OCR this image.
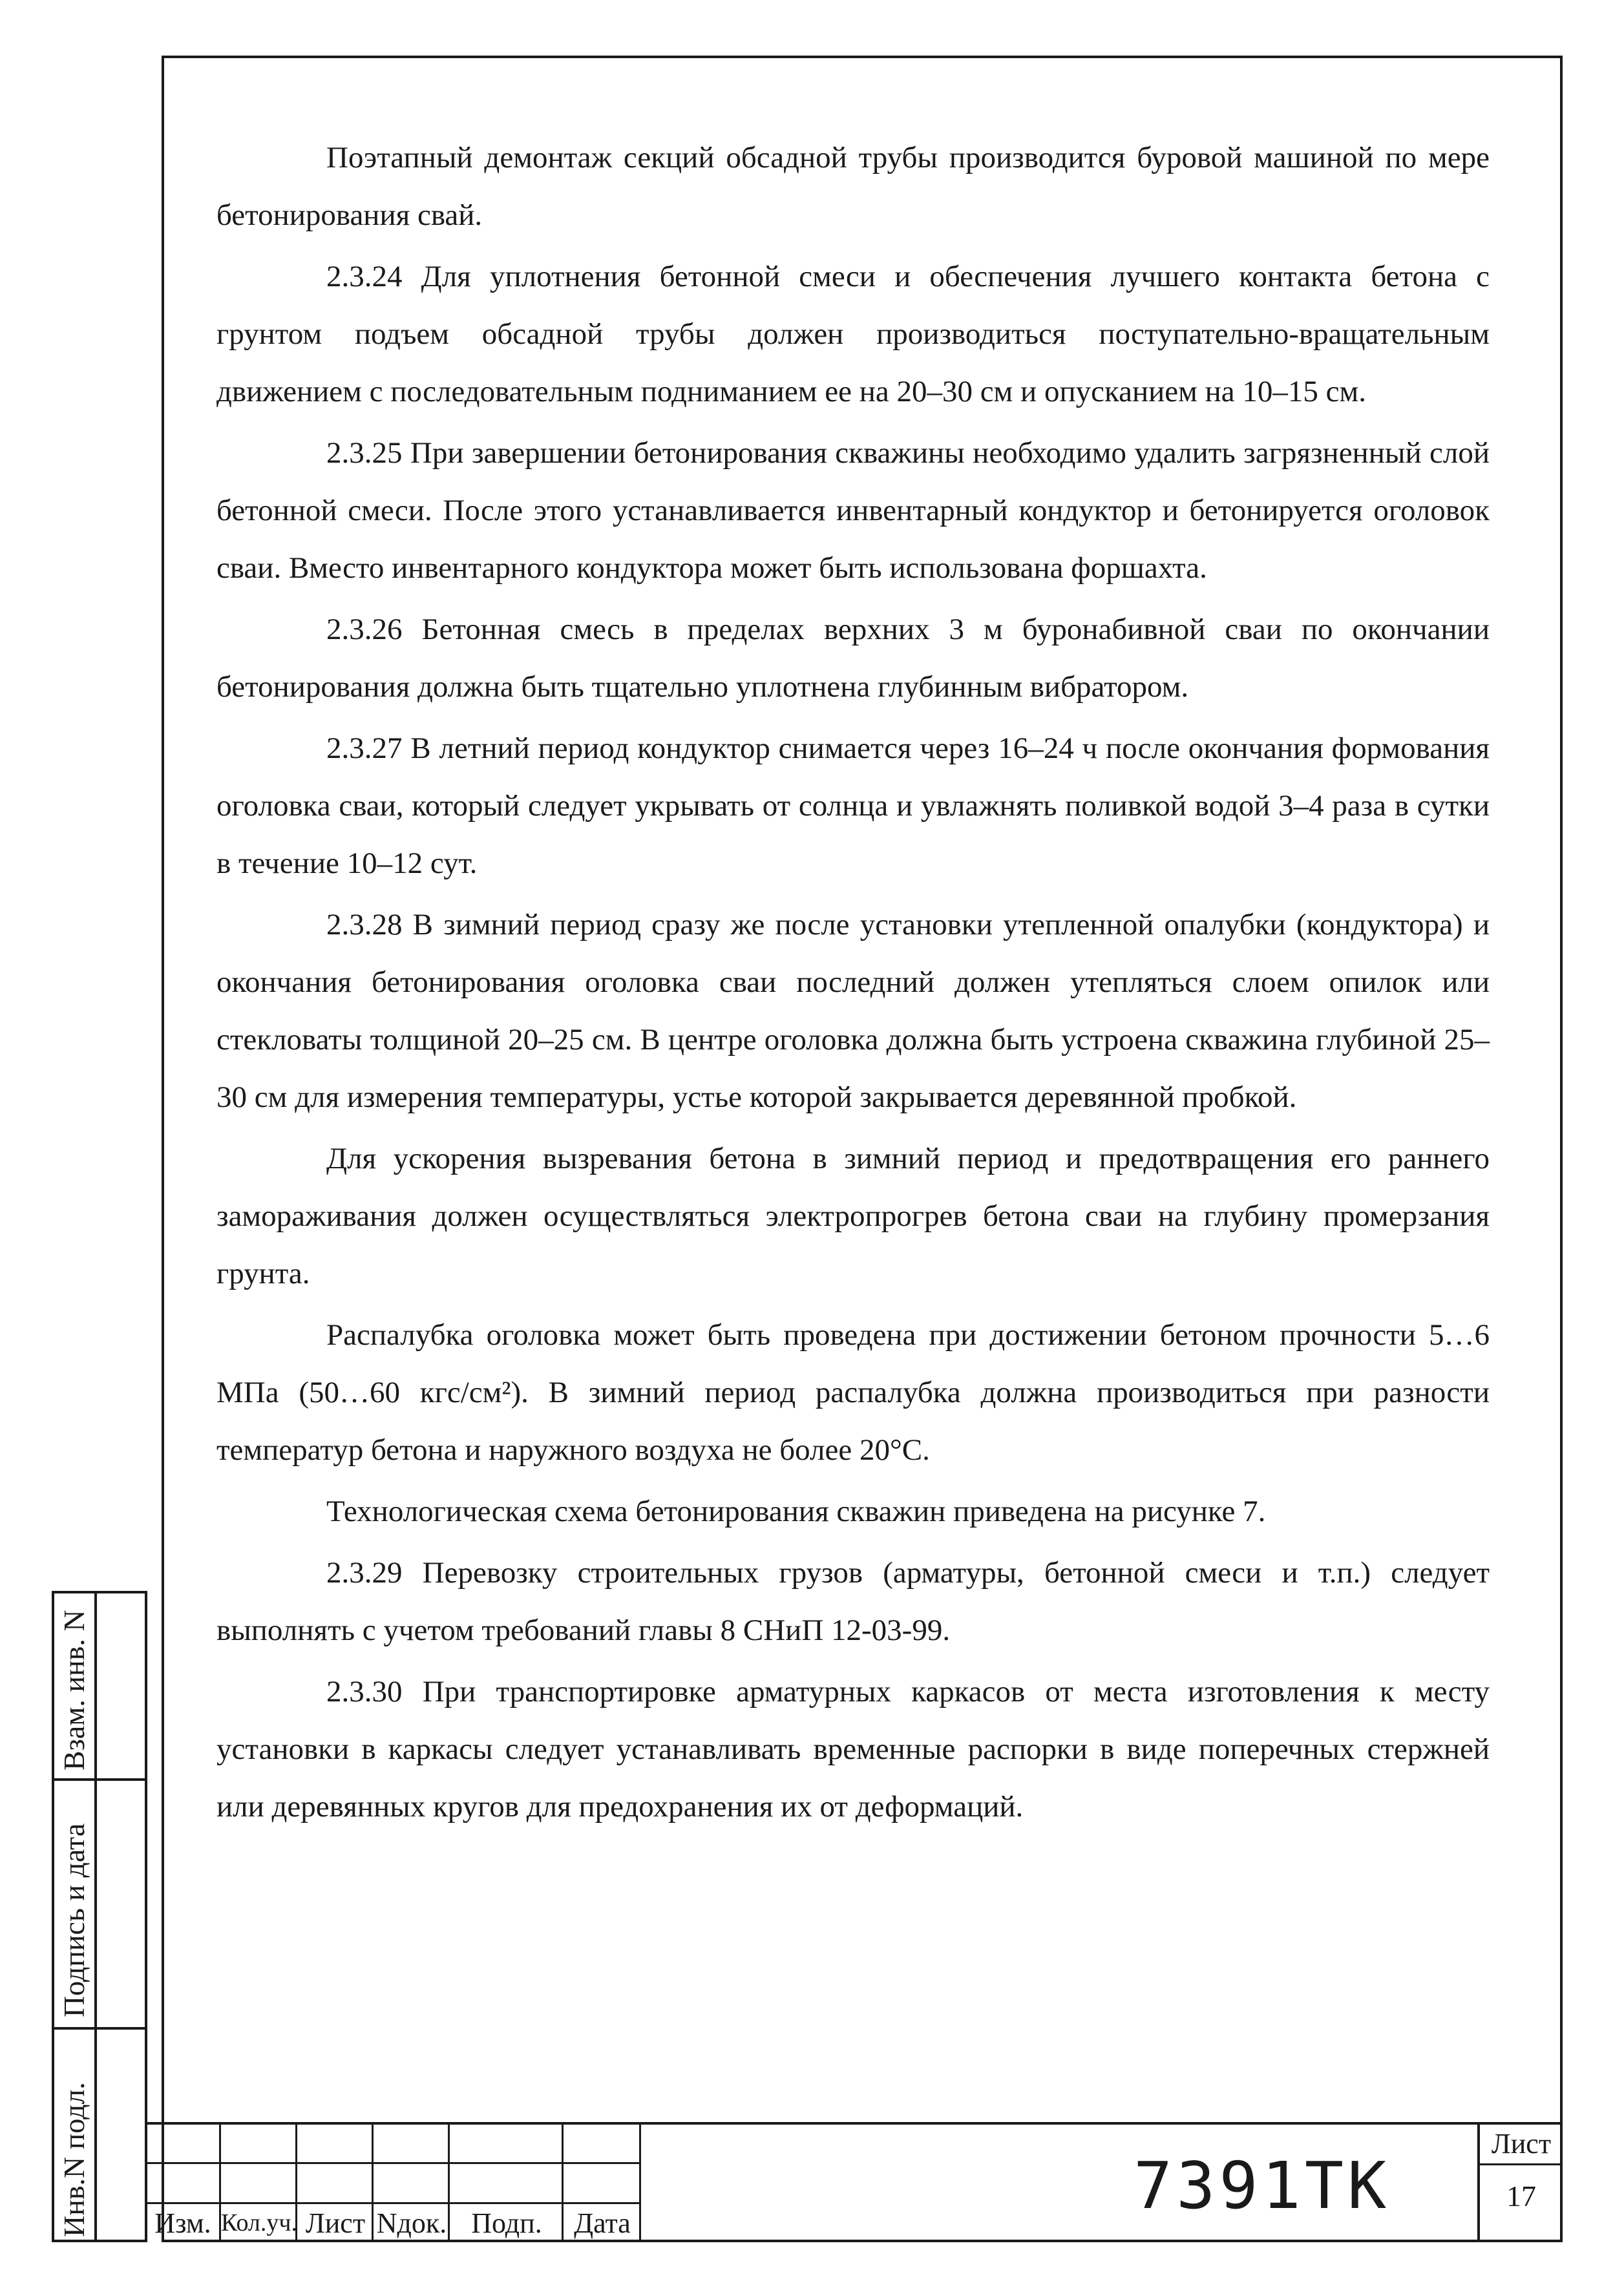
Поэтапный демонтаж секций обсадной трубы производится буровой машиной по мере бетонирования свай.

2.3.24 Для уплотнения бетонной смеси и обеспечения лучшего контакта бетона с грунтом подъем обсадной трубы должен производиться поступательно-вращательным движением с последовательным подниманием ее на 20–30 см и опусканием на 10–15 см.

2.3.25 При завершении бетонирования скважины необходимо удалить загрязненный слой бетонной смеси. После этого устанавливается инвентарный кондуктор и бетонируется оголовок сваи. Вместо инвентарного кондуктора может быть использована форшахта.

2.3.26 Бетонная смесь в пределах верхних 3 м буронабивной сваи по окончании бетонирования должна быть тщательно уплотнена глубинным вибратором.

2.3.27 В летний период кондуктор снимается через 16–24 ч после окончания формования оголовка сваи, который следует укрывать от солнца и увлажнять поливкой водой 3–4 раза в сутки в течение 10–12 сут.

2.3.28 В зимний период сразу же после установки утепленной опалубки (кондуктора) и окончания бетонирования оголовка сваи последний должен утепляться слоем опилок или стекловаты толщиной 20–25 см. В центре оголовка должна быть устроена скважина глубиной 25–30 см для измерения температуры, устье которой закрывается деревянной пробкой.

Для ускорения вызревания бетона в зимний период и предотвращения его раннего замораживания должен осуществляться электропрогрев бетона сваи на глубину промерзания грунта.

Распалубка оголовка может быть проведена при достижении бетоном прочности 5…6 МПа (50…60 кгс/см²). В зимний период распалубка должна производиться при разности температур бетона и наружного воздуха не более 20°С.

Технологическая схема бетонирования скважин приведена на рисунке 7.

2.3.29 Перевозку строительных грузов (арматуры, бетонной смеси и т.п.) следует выполнять с учетом требований главы 8 СНиП 12-03-99.

2.3.30 При транспортировке арматурных каркасов от места изготовления к месту установки в каркасы следует устанавливать временные распорки в виде поперечных стержней или деревянных кругов для предохранения их от деформаций.

Взам. инв. N
Подпись и дата
Инв.N подл.	Изм. Кол.уч. Лист Nдок. Подп.	Дата	7391ТК
Лист
17
